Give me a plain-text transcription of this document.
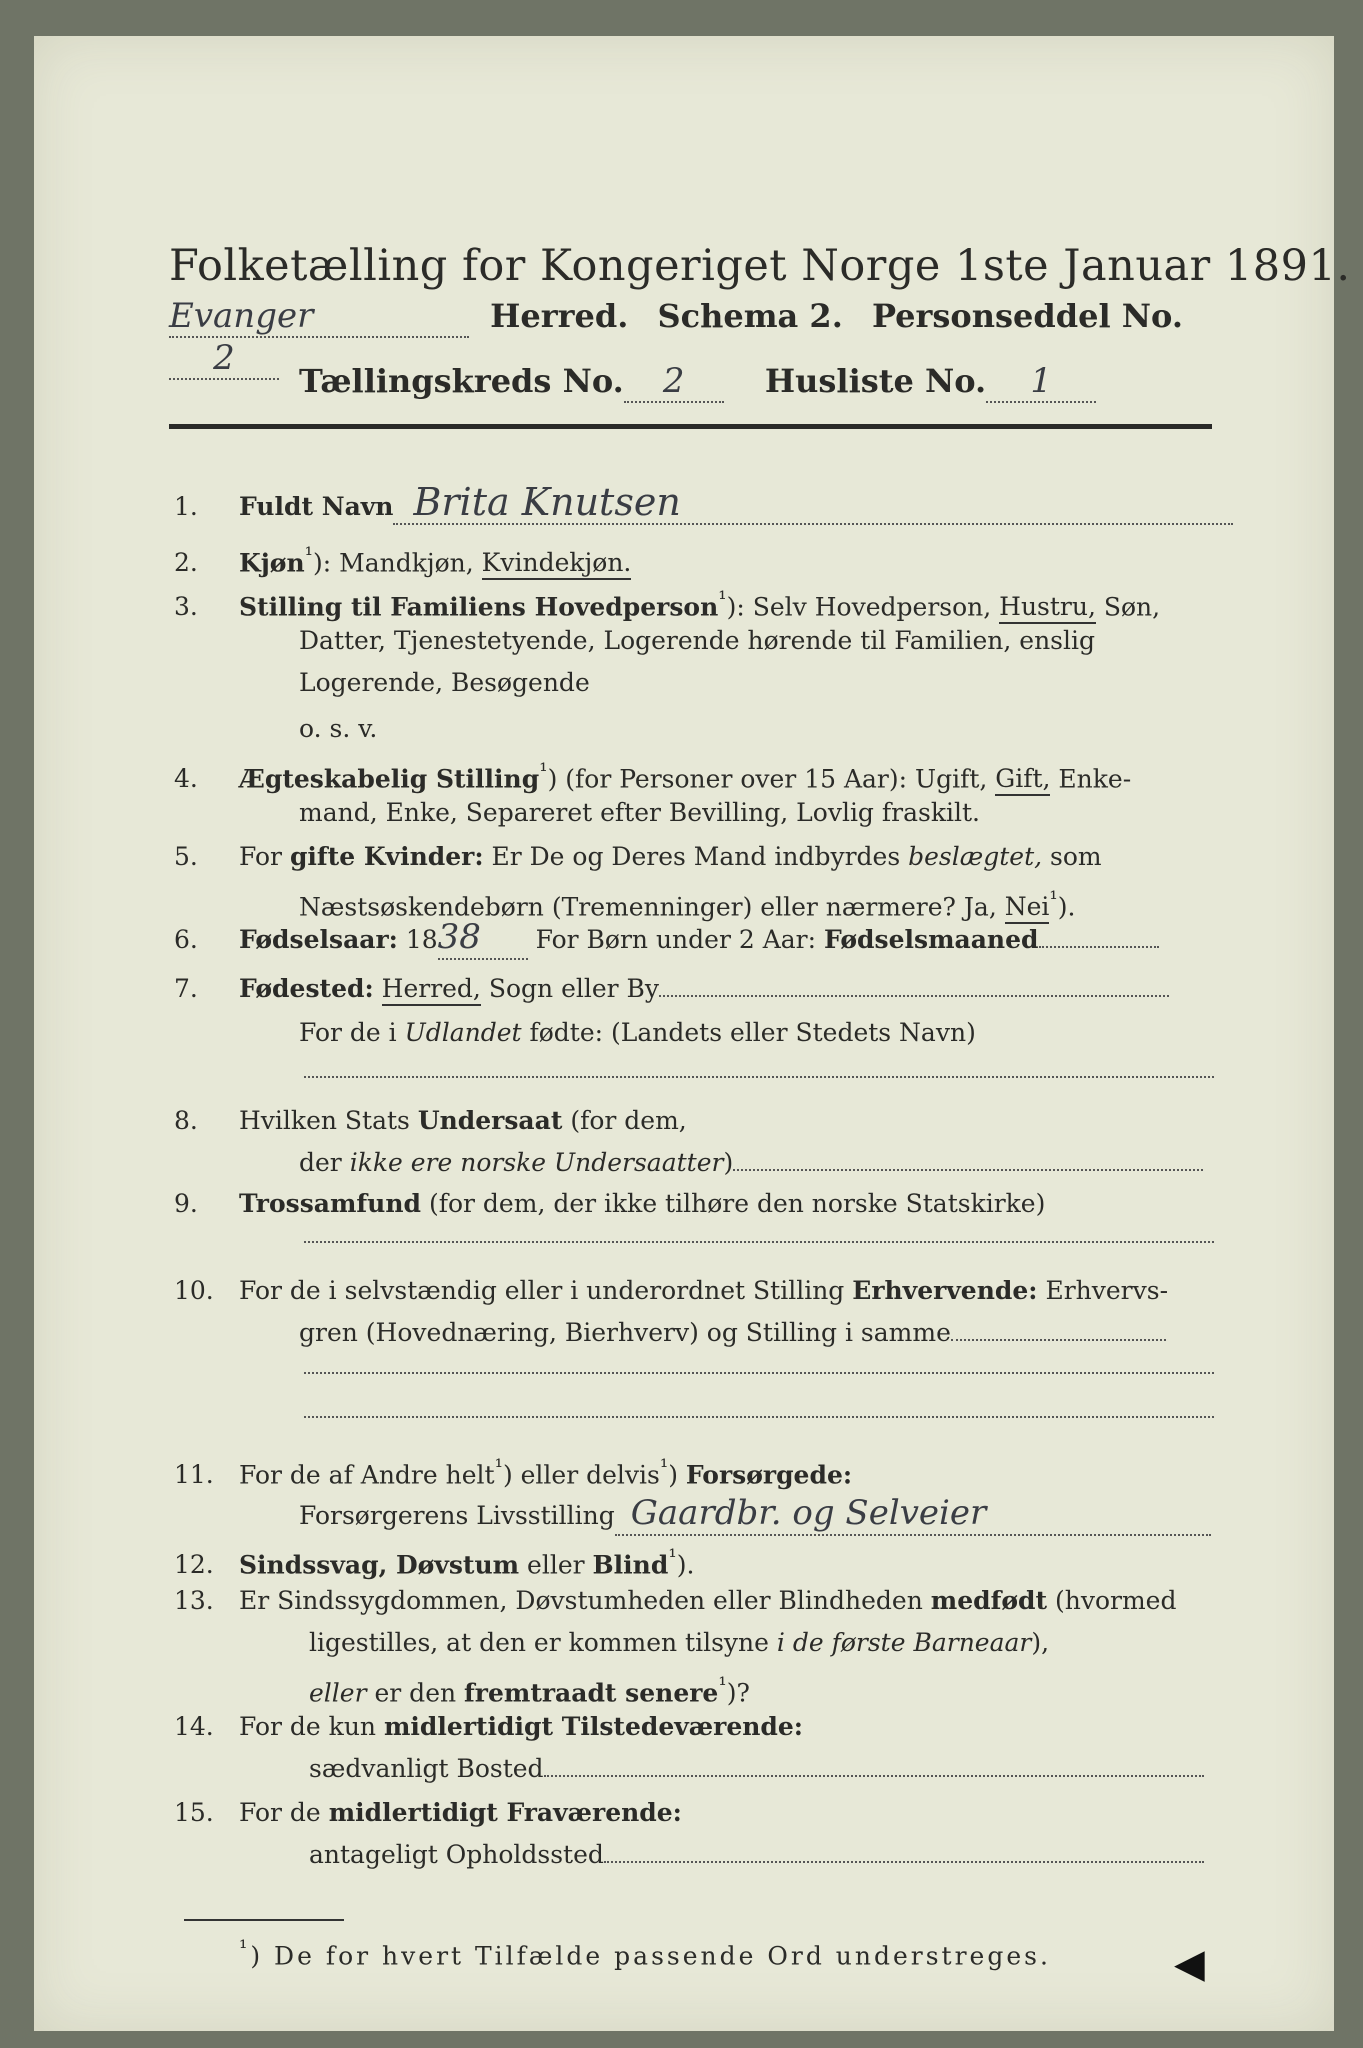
Folketælling for Kongeriget Norge 1ste Januar 1891.
Evanger	Herred. Schema 2. Personseddel No.2
Tællingskreds No. 2	Husliste No. 1
1. Fuldt Navn Brita Knutsen
2. Kjøn$^{^1}$): Mandkjøn, Kvindekjøn.
3. Stilling til Familiens Hovedperson$^{^1}$): Selv Hovedperson, Hustru, Søn,
Datter, Tjenestetyende, Logerende hørende til Familien, enslig
Logerende, Besøgende
o. s. v.
4. Ægteskabelig Stilling$^{^1}$) (for Personer over 15 Aar): Ugift, Gift, Enke-
mand, Enke, Separeret efter Bevilling, Lovlig fraskilt.
5. For gifte Kvinder: Er De og Deres Mand indbyrdes beslægtet, som
Næstsøskendebørn (Tremenninger) eller nærmere? Ja, Nei$^{^1}$).
6. Fødselsaar: 1838 For Børn under 2 Aar: Fødselsmaaned
7. Fødested: Herred, Sogn eller By
For de i Udlandet fødte: (Landets eller Stedets Navn)
8. Hvilken Stats Undersaat (for dem,
der ikke ere norske Undersaatter)
9. Trossamfund (for dem, der ikke tilhøre den norske Statskirke)
10. For de i selvstændig eller i underordnet Stilling Erhvervende: Erhvervs-
gren (Hovednæring, Bierhverv) og Stilling i samme
11. For de af Andre helt$^{^1}$) eller delvis$^{^1}$) Forsørgede:
Forsørgerens Livsstilling Gaardbr. og Selveier
12. Sindssvag, Døvstum eller Blind$^{^1}$).
13. Er Sindssygdommen, Døvstumheden eller Blindheden medfødt (hvormed
ligestilles, at den er kommen tilsyne i de første Barneaar),
eller er den fremtraadt senere$^{^1}$)?
14. For de kun midlertidigt Tilstedeværende:
sædvanligt Bosted
15. For de midlertidigt Fraværende:
antageligt Opholdssted
$^{^1}$) De for hvert Tilfælde passende Ord understreges.	◀
